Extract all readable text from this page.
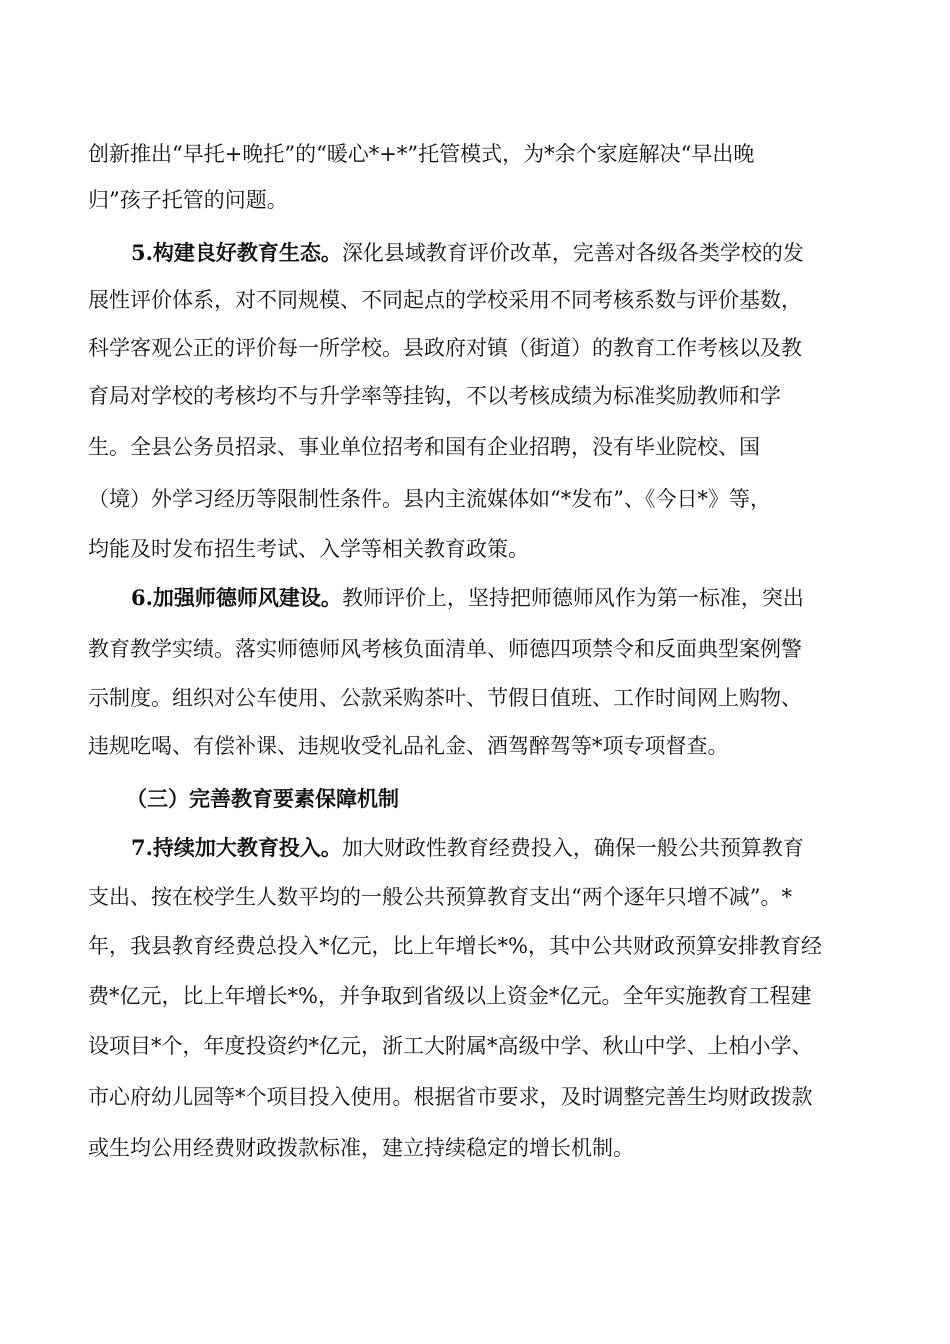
创新推出“早托+晚托”的“暖心*+*”托管模式，为*余个家庭解决“早出晚

归”孩子托管的问题。

5.构建良好教育生态。深化县域教育评价改革，完善对各级各类学校的发

展性评价体系，对不同规模、不同起点的学校采用不同考核系数与评价基数，

科学客观公正的评价每一所学校。县政府对镇（街道）的教育工作考核以及教

育局对学校的考核均不与升学率等挂钩，不以考核成绩为标准奖励教师和学

生。全县公务员招录、事业单位招考和国有企业招聘，没有毕业院校、国

（境）外学习经历等限制性条件。县内主流媒体如“*发布”、《今日*》等，

均能及时发布招生考试、入学等相关教育政策。

6.加强师德师风建设。教师评价上，坚持把师德师风作为第一标准，突出

教育教学实绩。落实师德师风考核负面清单、师德四项禁令和反面典型案例警

示制度。组织对公车使用、公款采购茶叶、节假日值班、工作时间网上购物、

违规吃喝、有偿补课、违规收受礼品礼金、酒驾醉驾等*项专项督查。

（三）完善教育要素保障机制

7.持续加大教育投入。加大财政性教育经费投入，确保一般公共预算教育

支出、按在校学生人数平均的一般公共预算教育支出“两个逐年只增不减”。*

年，我县教育经费总投入*亿元，比上年增长*%，其中公共财政预算安排教育经

费*亿元，比上年增长*%，并争取到省级以上资金*亿元。全年实施教育工程建

设项目*个，年度投资约*亿元，浙工大附属*高级中学、秋山中学、上柏小学、

市心府幼儿园等*个项目投入使用。根据省市要求，及时调整完善生均财政拨款

或生均公用经费财政拨款标准，建立持续稳定的增长机制。
